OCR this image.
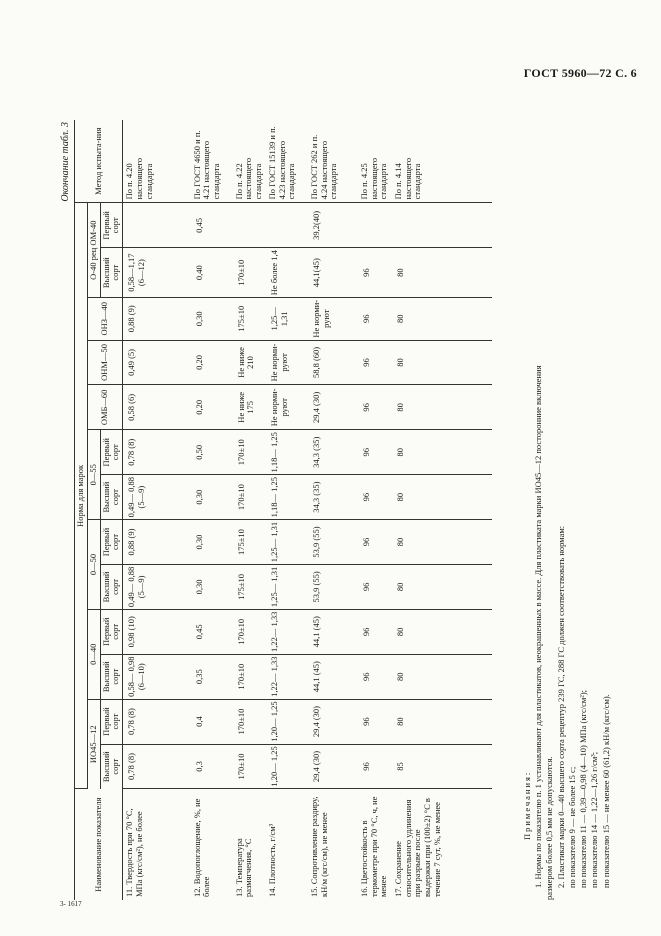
ГОСТ 5960—72 С. 6
Окончание табл. 3
Наименование показателя	Норма для марок													Метод испыта-ния
	ИО45—12		0—40		0—50		0—55		ОМБ—60	ОНМ—50	ОНЗ—40	О-40 рец ОМ-40		
	Высший сорт	Первый сорт	Высший сорт	Первый сорт	Высший сорт	Первый сорт	Высший сорт	Первый сорт				Высший сорт	Первый сорт	
11. Твердость при 70 °С, МПа (кгс/см²), не более	0,78 (8)	0,78 (8)	0,58— 0,98 (6—10)	0,98 (10)	0,49— 0,88 (5—9)	0,88 (9)	0,49— 0,88 (5—9)	0,78 (8)	0,58 (6)	0,49 (5)	0,88 (9)	0,58—1,17 (6—12)		По п. 4.20 настоящего стандарта
12. Водопоглощение, %, не более	0,3	0,4	0,35	0,45	0,30	0,30	0,30	0,50	0,20	0,20	0,30	0,40	0,45	По ГОСТ 4650 и п. 4.21 настоящего стандарта
13. Температура размягчения, °С	170±10	170±10	170±10	170±10	175±10	175±10	170±10	170±10	Не ниже 175	Не ниже 210	175±10	170±10		По п. 4.22 настоящего стандарта
14. Плотность, г/см³	1,20— 1,25	1,20— 1,25	1,22— 1,33	1,22— 1,33	1,25— 1,31	1,25— 1,31	1,18— 1,25	1,18— 1,25	Не норми-руют	Не норми-руют	1,25— 1,31	Не более 1,4		По ГОСТ 15139 и п. 4.23 настоящего стандарта
15. Сопротивление раздиру, кН/м (кгс/см), не менее	29,4 (30)	29,4 (30)	44,1 (45)	44,1 (45)	53,9 (55)	53,9 (55)	34,3 (35)	34,3 (35)	29,4 (30)	58,8 (60)	Не норми-руют	44,1(45)	39,2(40)	По ГОСТ 262 и п. 4.24 настоящего стандарта
16. Цветостойкость в термометре при 70 °С, ч, не менее	96	96	96	96	96	96	96	96	96	96	96	96		По п. 4.25 настоящего стандарта
17. Сохранение относительного удлинения при разрыве после выдержки при (100±2) °С в течение 7 сут, %, не менее	85	80	80	80	80	80	80	80	80	80	80	80		По п. 4.14 настоящего стандарта
Примечания: 1. Нормы по показателю п. 1 устанавливают для пластикатов, неокрашенных в массе. Для пластиката марки ИО45—12 посторонние включения размером более 0,5 мм не допускаются. 2. Пластикат марки 0—40 высшего сорта рецептур 239 ГС, 288 ГС должен соответствовать нормам: по показателю 9 — не более 15 с; по показателю 11 — 0,39—0,98 (4—10) МПа (кгс/см²); по показателю 14 — 1,22—1,26 г/см³; по показателю 15 — не менее 60 (61,2) кН/м (кгс/см).
3- 1617
